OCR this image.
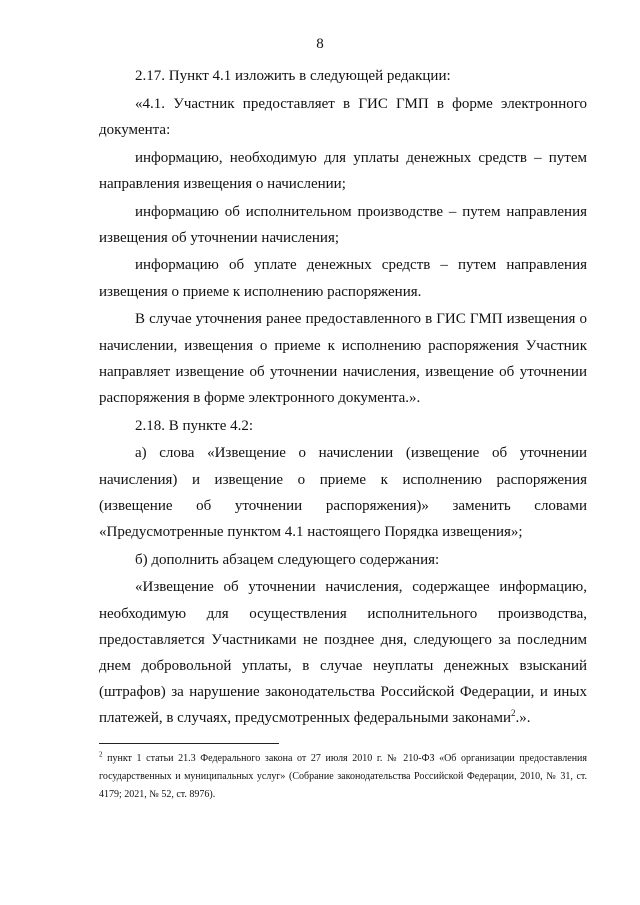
8

2.17. Пункт 4.1 изложить в следующей редакции:

«4.1. Участник предоставляет в ГИС ГМП в форме электронного документа:

информацию, необходимую для уплаты денежных средств – путем направления извещения о начислении;

информацию об исполнительном производстве – путем направления извещения об уточнении начисления;

информацию об уплате денежных средств – путем направления извещения о приеме к исполнению распоряжения.

В случае уточнения ранее предоставленного в ГИС ГМП извещения о начислении, извещения о приеме к исполнению распоряжения Участник направляет извещение об уточнении начисления, извещение об уточнении распоряжения в форме электронного документа.».

2.18. В пункте 4.2:

а) слова «Извещение о начислении (извещение об уточнении начисления) и извещение о приеме к исполнению распоряжения (извещение об уточнении распоряжения)» заменить словами «Предусмотренные пунктом 4.1 настоящего Порядка извещения»;

б) дополнить абзацем следующего содержания:

«Извещение об уточнении начисления, содержащее информацию, необходимую для осуществления исполнительного производства, предоставляется Участниками не позднее дня, следующего за последним днем добровольной уплаты, в случае неуплаты денежных взысканий (штрафов) за нарушение законодательства Российской Федерации, и иных платежей, в случаях, предусмотренных федеральными законами$^2$.».

$^2$ пункт 1 статьи 21.3 Федерального закона от 27 июля 2010 г. № 210-ФЗ «Об организации предоставления государственных и муниципальных услуг» (Собрание законодательства Российской Федерации, 2010, № 31, ст. 4179; 2021, № 52, ст. 8976).
